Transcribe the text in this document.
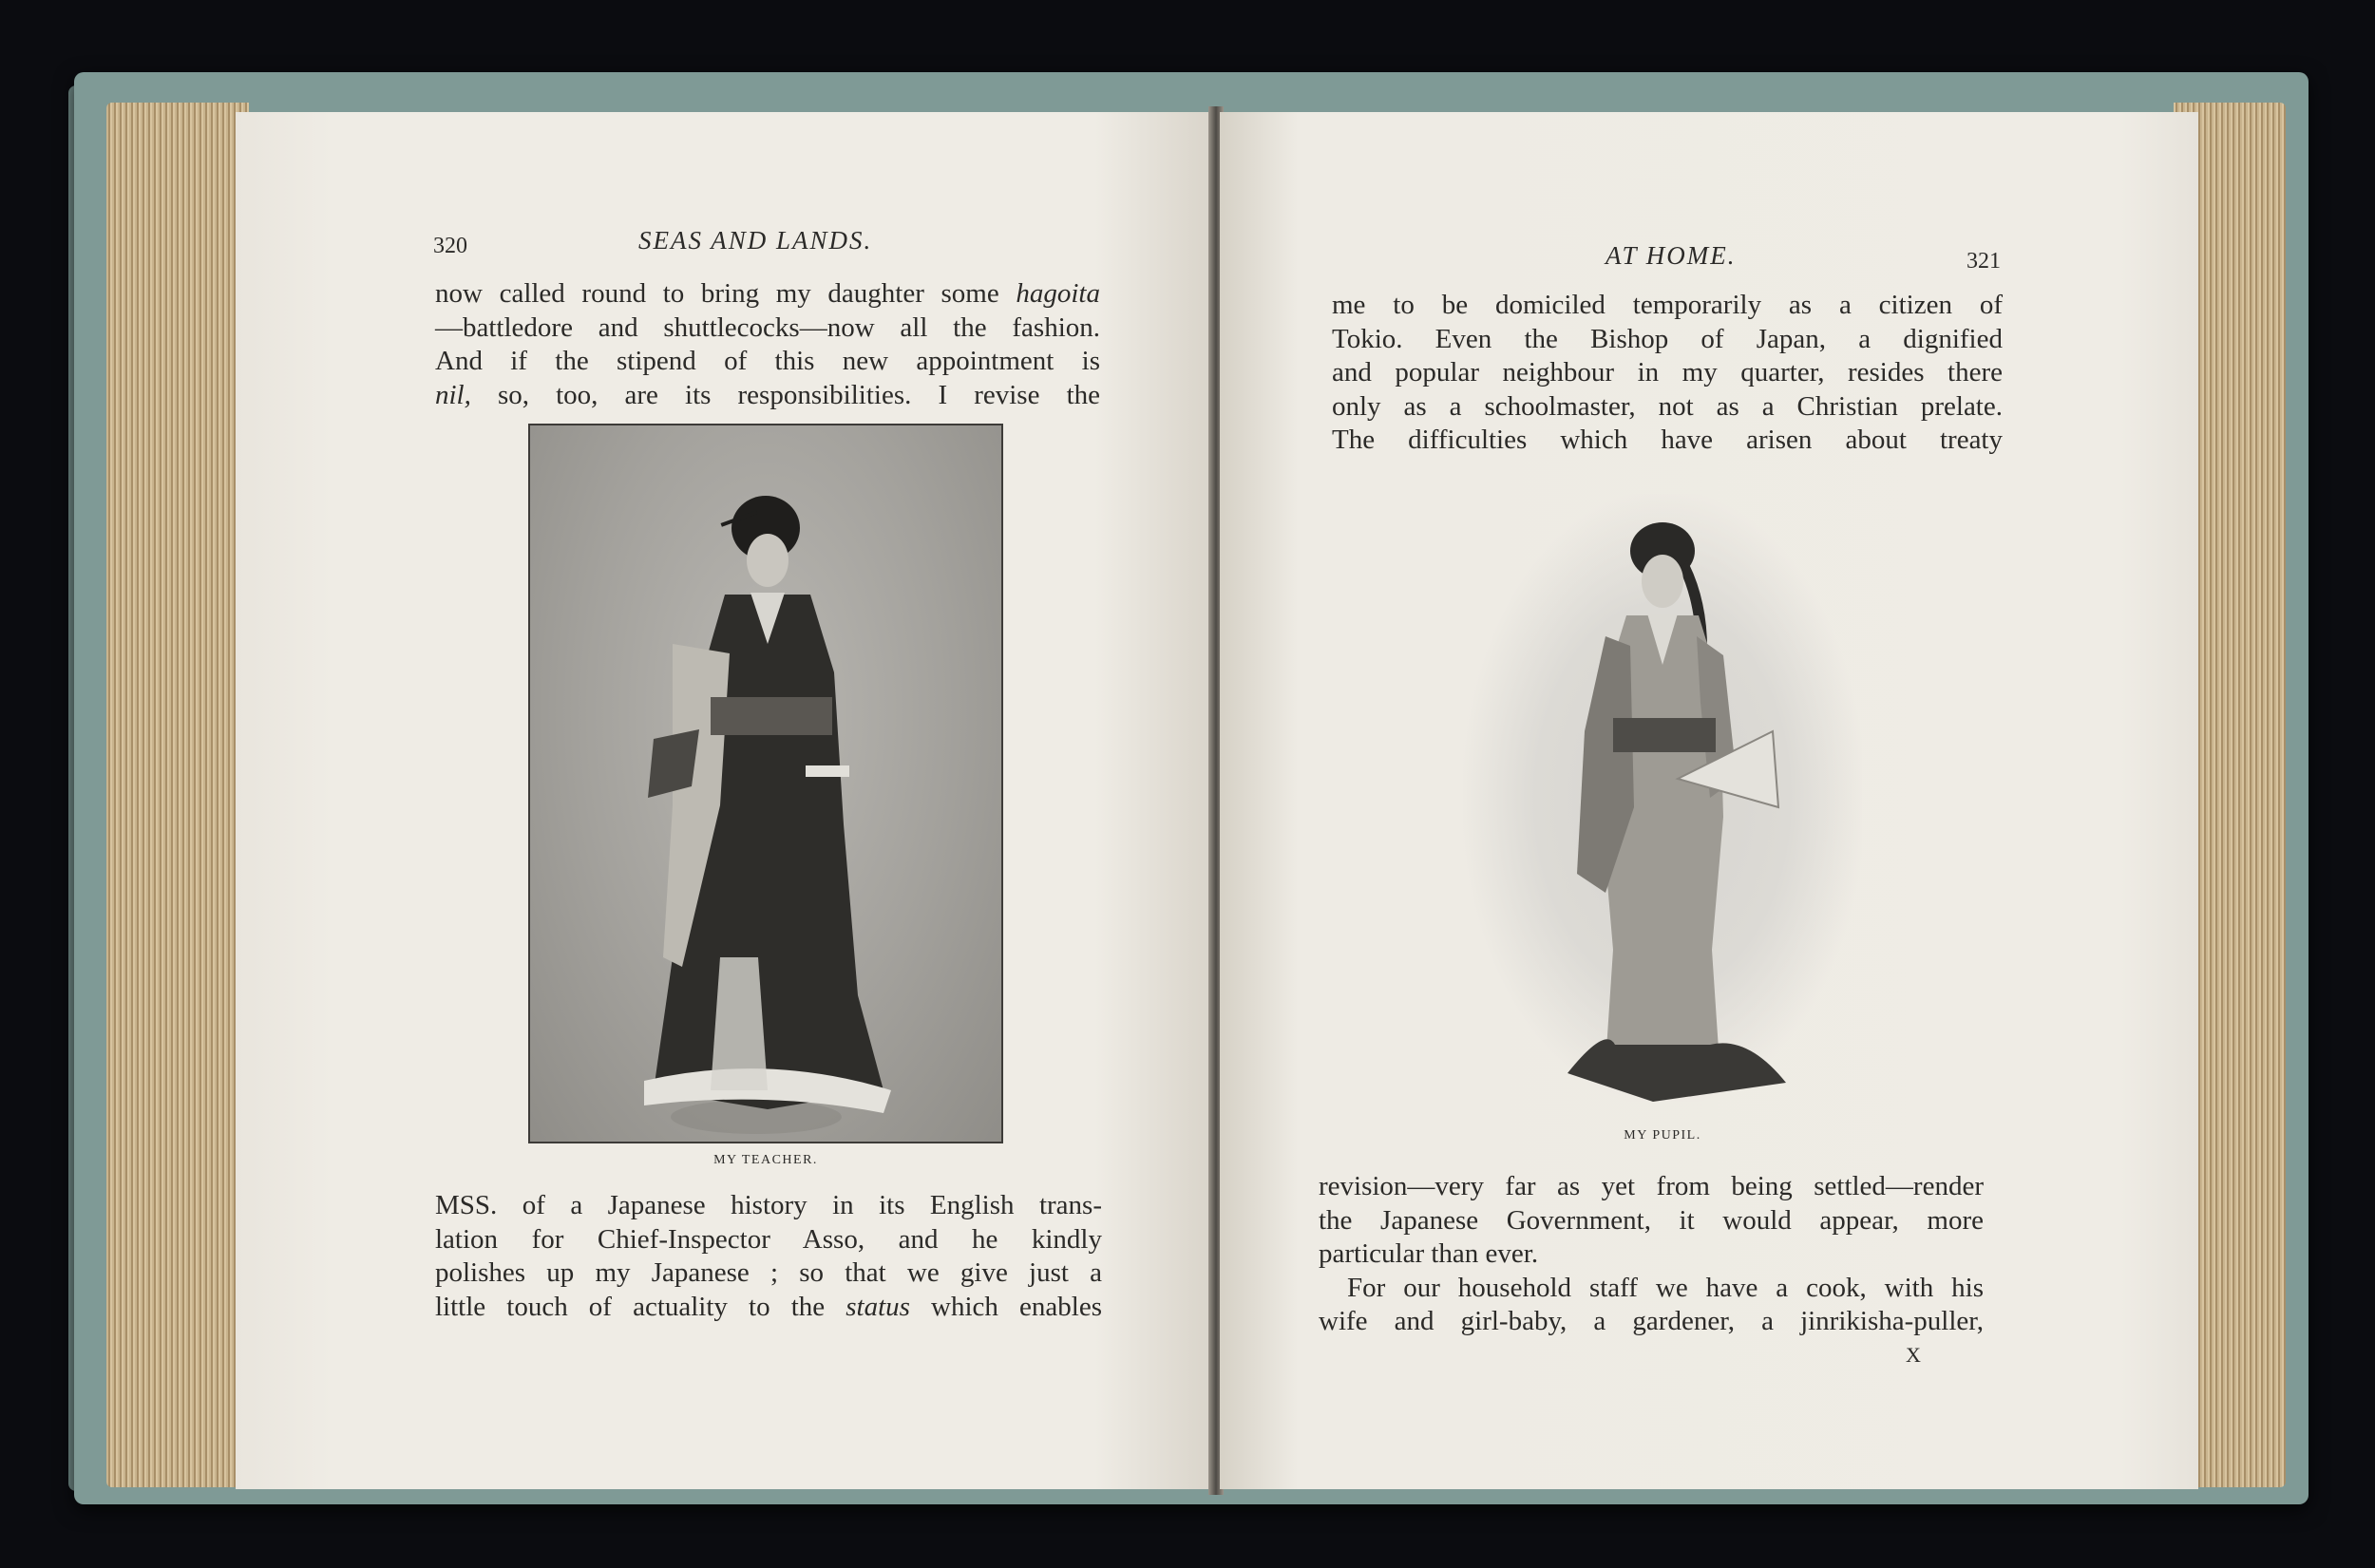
320	SEAS AND LANDS.
now called round to bring my daughter some hagoita
—battledore and shuttlecocks—now all the fashion.
And if the stipend of this new appointment is
nil, so, too, are its responsibilities. I revise the
MY TEACHER.
MSS. of a Japanese history in its English trans-
lation for Chief-Inspector Asso, and he kindly
polishes up my Japanese ; so that we give just a
little touch of actuality to the status which enables
AT HOME.	321
me to be domiciled temporarily as a citizen of
Tokio. Even the Bishop of Japan, a dignified
and popular neighbour in my quarter, resides there
only as a schoolmaster, not as a Christian prelate.
The difficulties which have arisen about treaty
MY PUPIL.
revision—very far as yet from being settled—render
the Japanese Government, it would appear, more
particular than ever.
For our household staff we have a cook, with his
wife and girl-baby, a gardener, a jinrikisha-puller,
X
